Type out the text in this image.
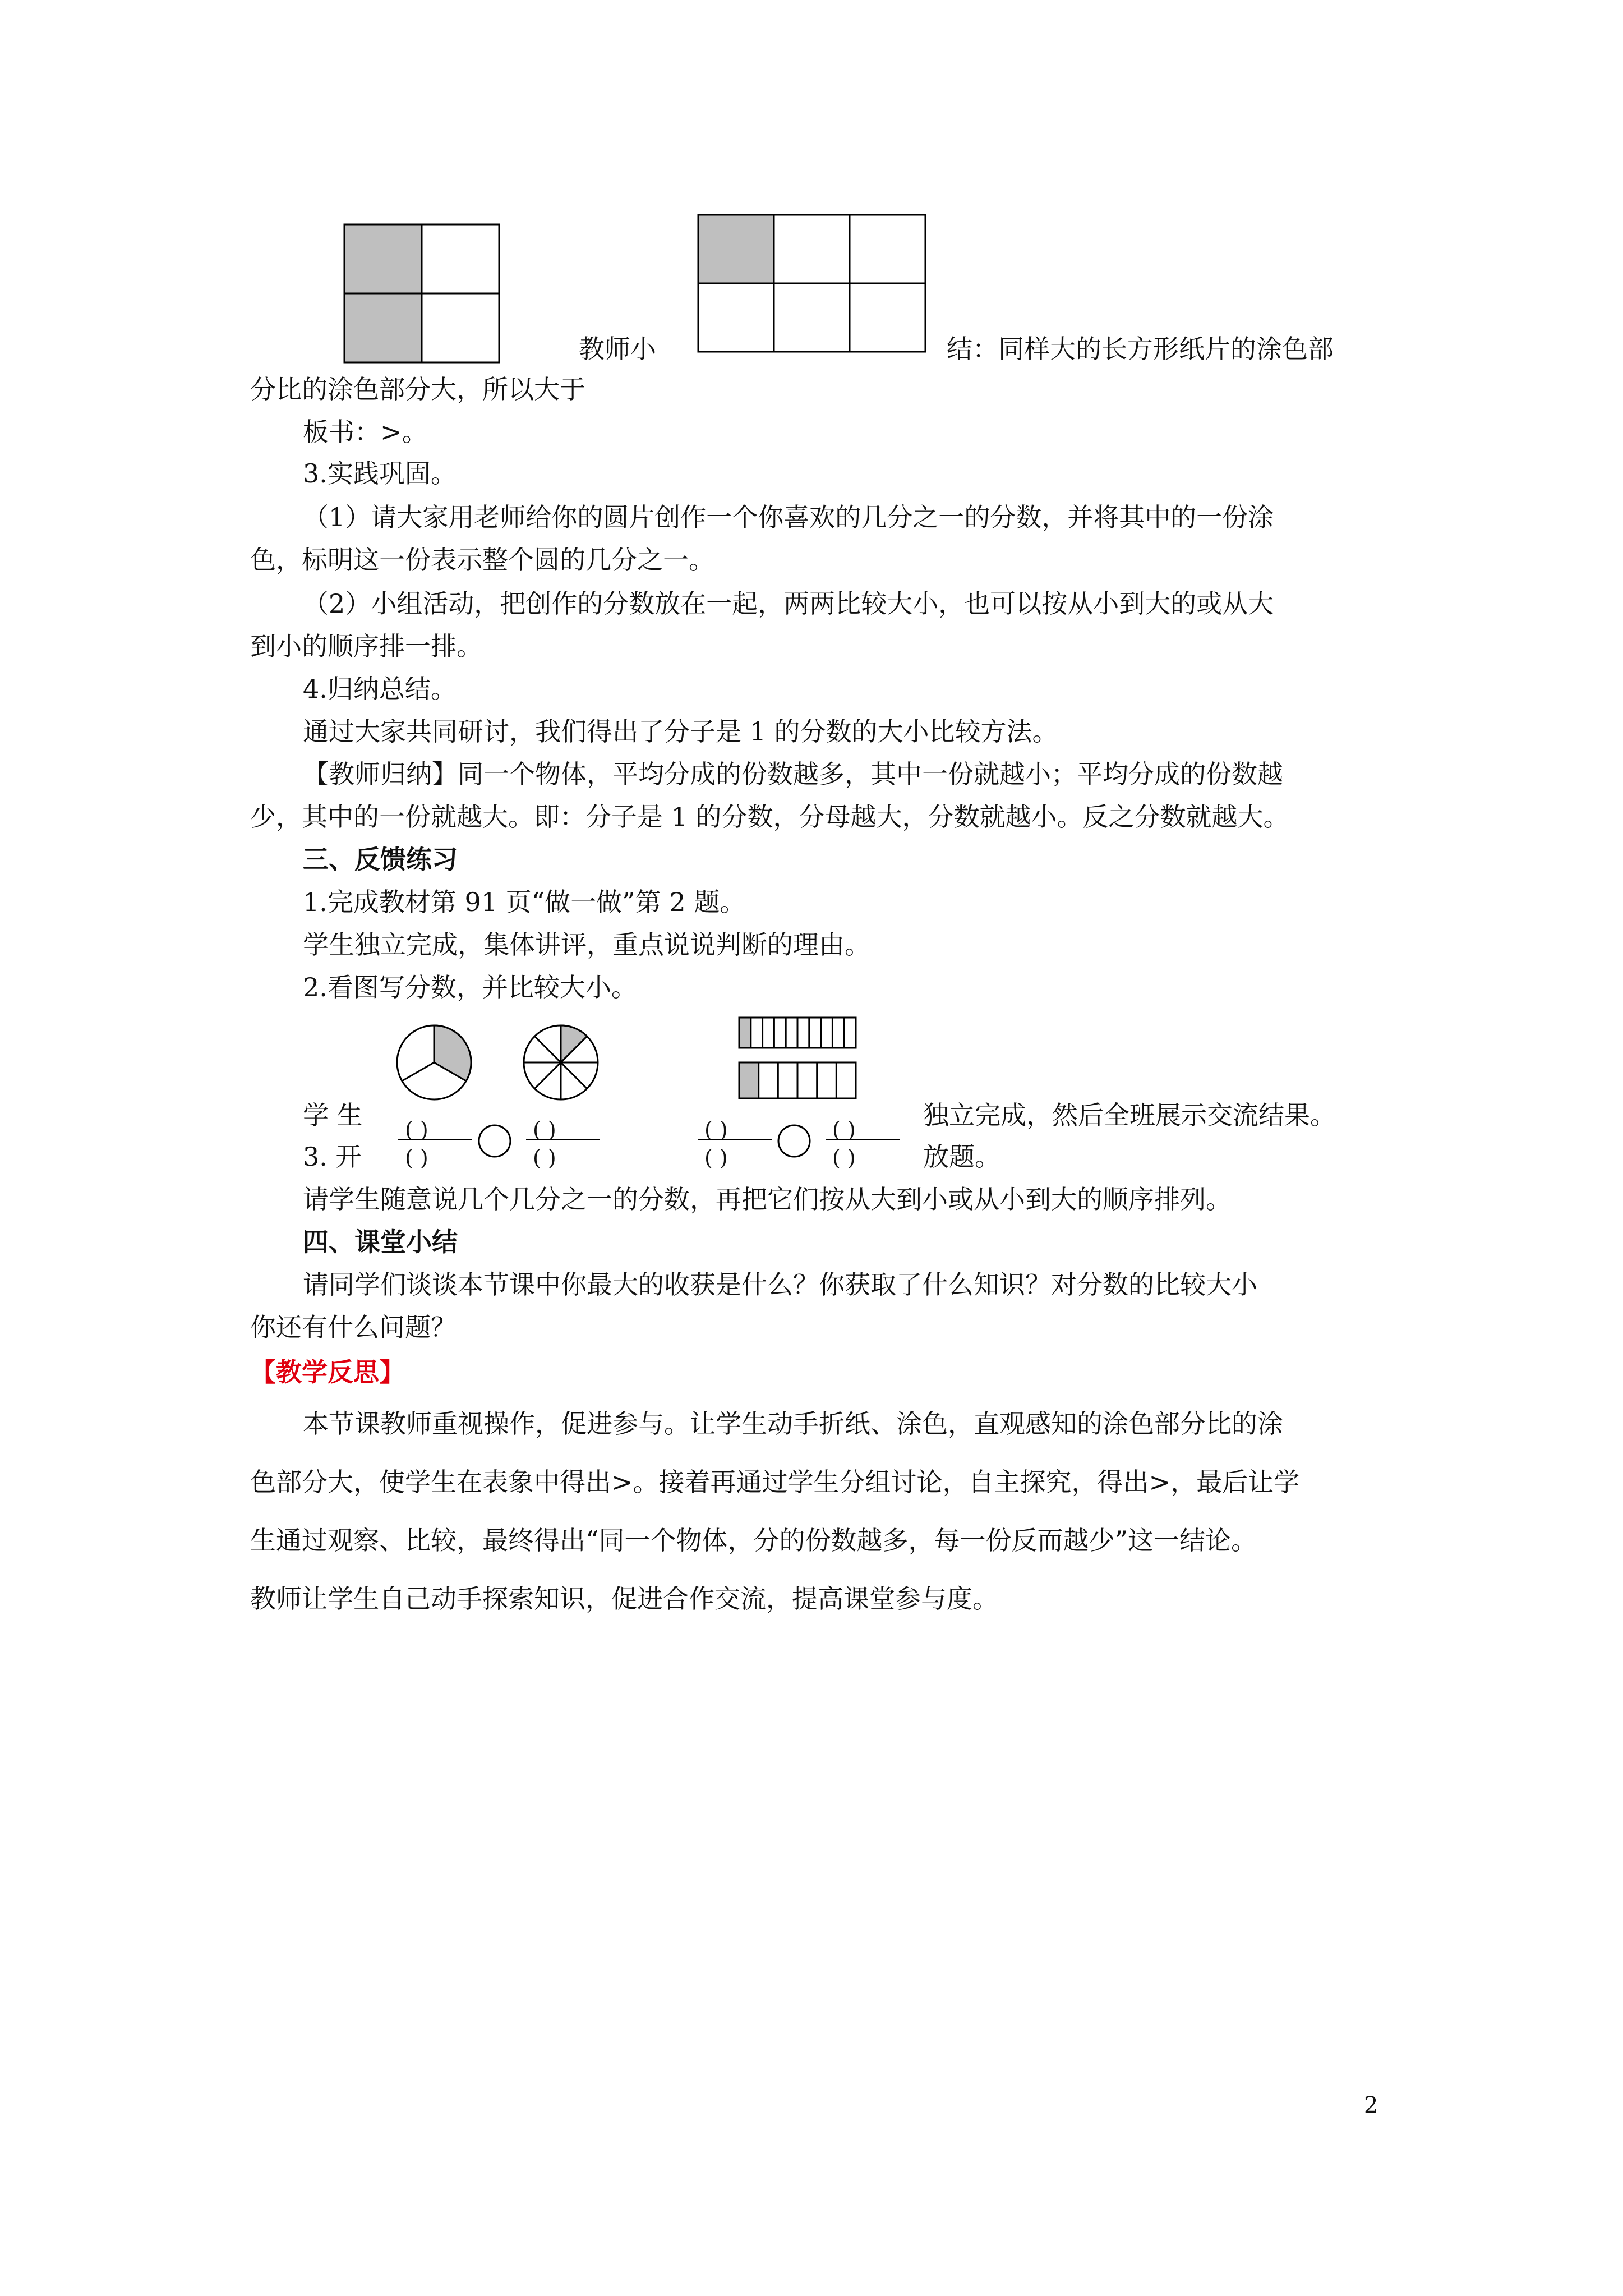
教师小	结：同样大的长方形纸片的涂色部
分比的涂色部分大，所以大于
板书：>。
3.实践巩固。
（1）请大家用老师给你的圆片创作一个你喜欢的几分之一的分数，并将其中的一份涂
色，标明这一份表示整个圆的几分之一。
（2）小组活动，把创作的分数放在一起，两两比较大小，也可以按从小到大的或从大
到小的顺序排一排。
4.归纳总结。
通过大家共同研讨，我们得出了分子是 1 的分数的大小比较方法。
【教师归纳】同一个物体，平均分成的份数越多，其中一份就越小；平均分成的份数越
少，其中的一份就越大。即：分子是 1 的分数，分母越大，分数就越小。反之分数就越大。
三、反馈练习
1.完成教材第 91 页“做一做”第 2 题。
学生独立完成，集体讲评，重点说说判断的理由。
2.看图写分数，并比较大小。
学 生
3. 开
( )
( )
( )
( )
( )
( )
( )
( )
独立完成，然后全班展示交流结果。
放题。
请学生随意说几个几分之一的分数，再把它们按从大到小或从小到大的顺序排列。
四、课堂小结
请同学们谈谈本节课中你最大的收获是什么？你获取了什么知识？对分数的比较大小
你还有什么问题？
【教学反思】
本节课教师重视操作，促进参与。让学生动手折纸、涂色，直观感知的涂色部分比的涂
色部分大，使学生在表象中得出>。接着再通过学生分组讨论，自主探究，得出>，最后让学
生通过观察、比较，最终得出“同一个物体，分的份数越多，每一份反而越少”这一结论。
教师让学生自己动手探索知识，促进合作交流，提高课堂参与度。
2
